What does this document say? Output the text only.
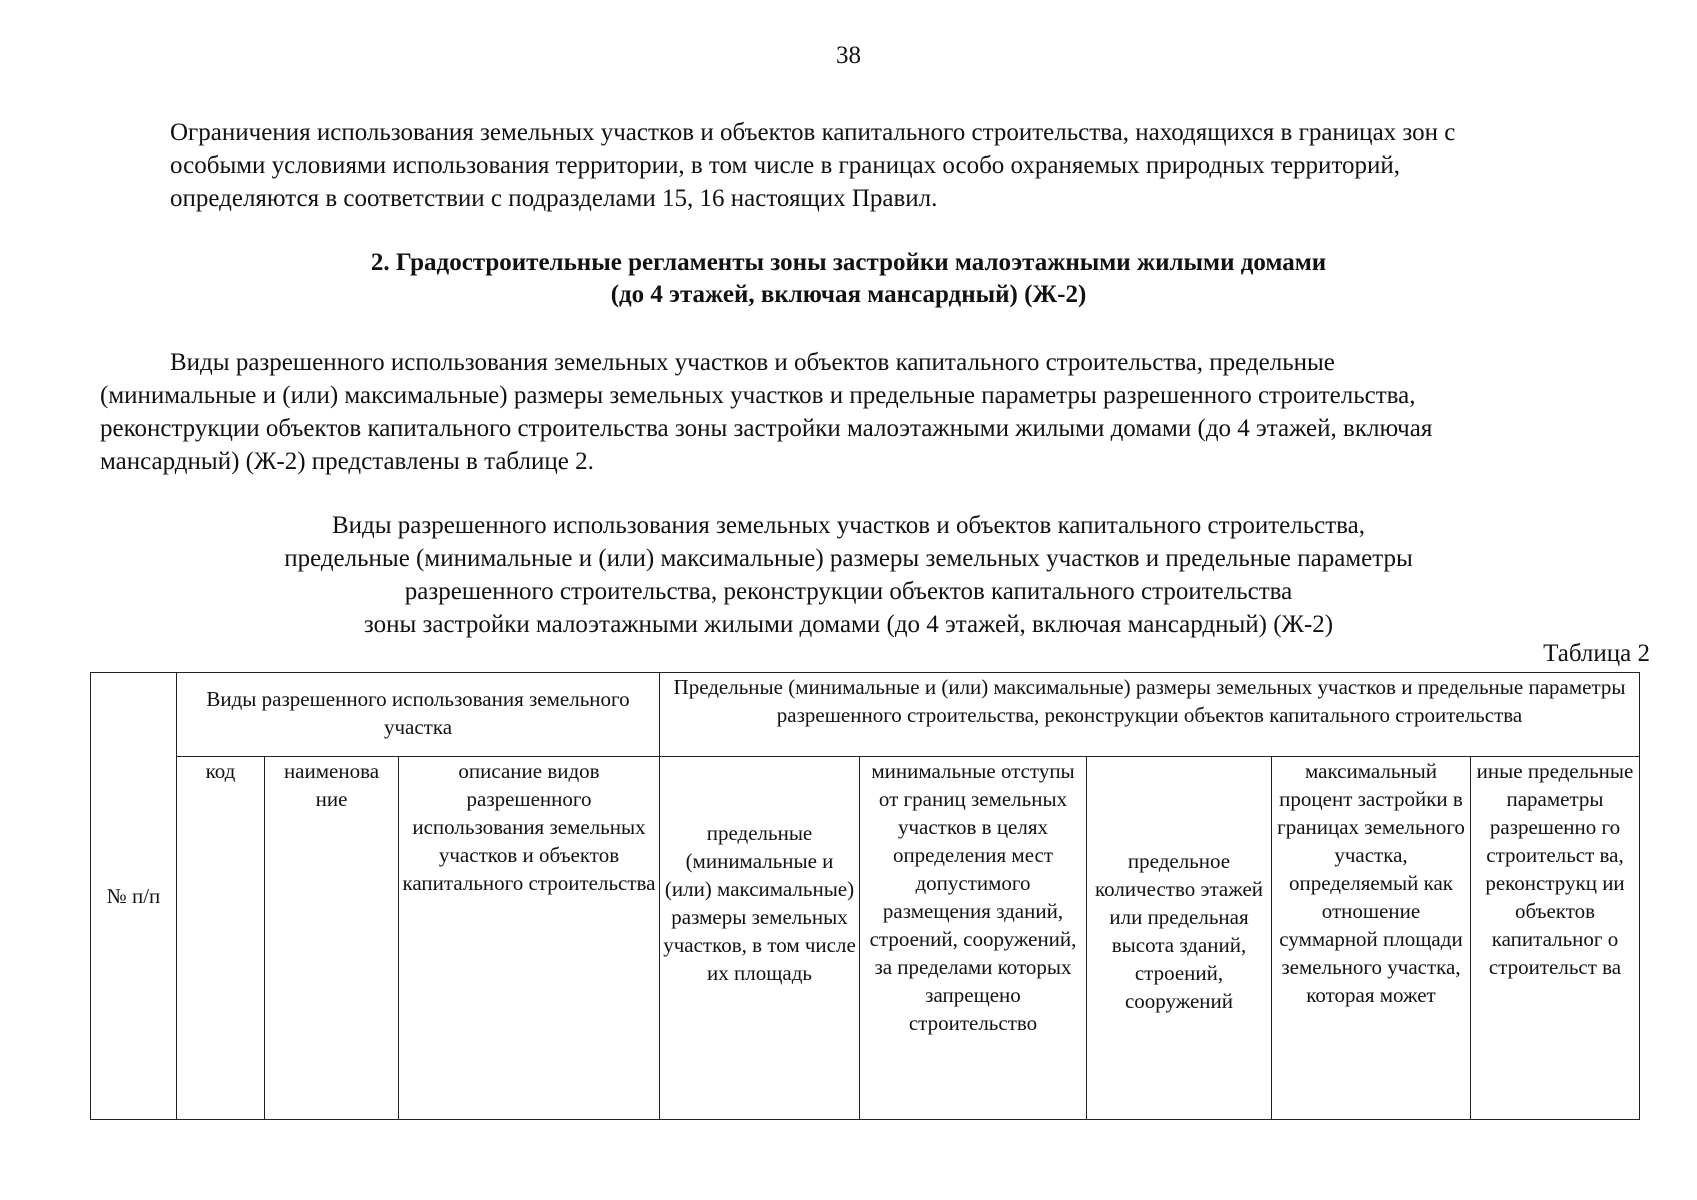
38

Ограничения использования земельных участков и объектов капитального строительства, находящихся в границах зон с
особыми условиями использования территории, в том числе в границах особо охраняемых природных территорий,
определяются в соответствии с подразделами 15, 16 настоящих Правил.

2. Градостроительные регламенты зоны застройки малоэтажными жилыми домами
(до 4 этажей, включая мансардный) (Ж-2)

Виды разрешенного использования земельных участков и объектов капитального строительства, предельные
(минимальные и (или) максимальные) размеры земельных участков и предельные параметры разрешенного строительства,
реконструкции объектов капитального строительства зоны застройки малоэтажными жилыми домами (до 4 этажей, включая
мансардный) (Ж-2) представлены в таблице 2.

Виды разрешенного использования земельных участков и объектов капитального строительства,
предельные (минимальные и (или) максимальные) размеры земельных участков и предельные параметры
разрешенного строительства, реконструкции объектов капитального строительства
зоны застройки малоэтажными жилыми домами (до 4 этажей, включая мансардный) (Ж-2)

Таблица 2
№ п/п	Виды разрешенного использования земельного участка			Предельные (минимальные и (или) максимальные) размеры земельных участков и предельные параметры разрешенного строительства, реконструкции объектов капитального строительства				
	код	наименова ние	описание видов разрешенного использования земельных участков и объектов капитального строительства	предельные (минимальные и (или) максимальные) размеры земельных участков, в том числе их площадь	минимальные отступы от границ земельных участков в целях определения мест допустимого размещения зданий, строений, сооружений, за пределами которых запрещено строительство	предельное количество этажей или предельная высота зданий, строений, сооружений	максимальный процент застройки в границах земельного участка, определяемый как отношение суммарной площади земельного участка, которая может	иные предельные параметры разрешенно го строительст ва, реконструкц ии объектов капитальног о строительст ва
